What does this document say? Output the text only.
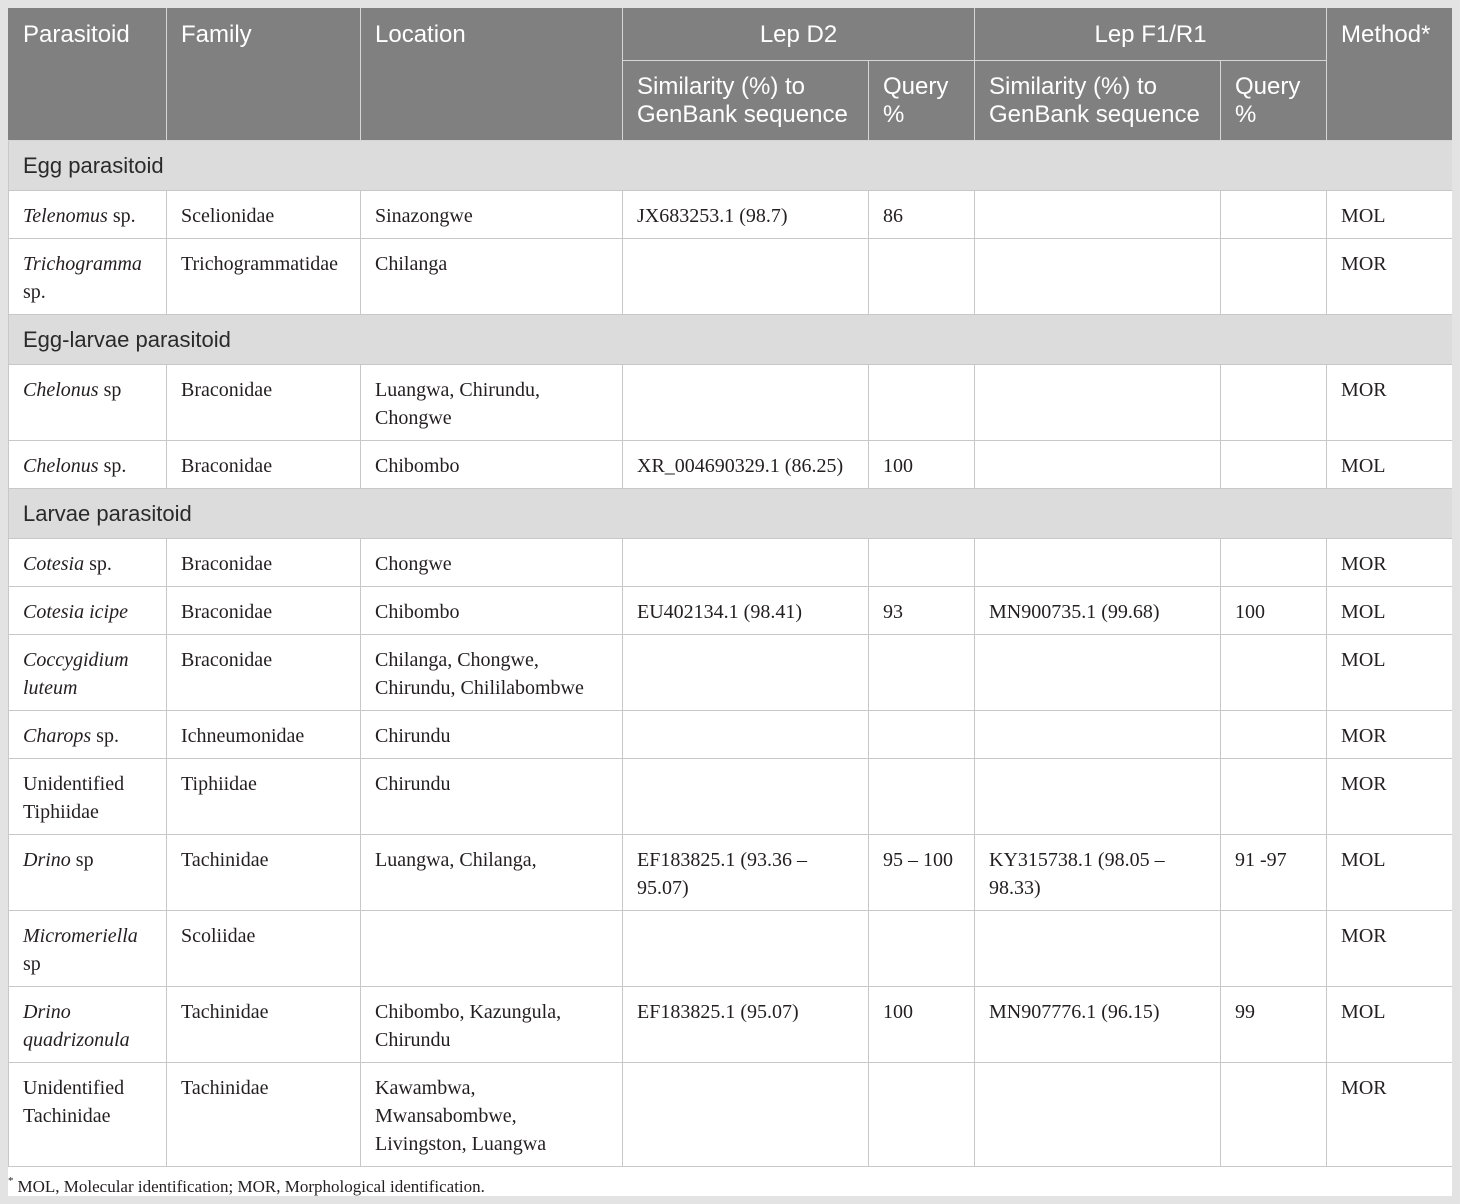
Parasitoid	Family	Location	Lep D2		Lep F1/R1		Method*
			Similarity (%) to GenBank sequence	Query %	Similarity (%) to GenBank sequence	Query %	
Egg parasitoid							
Telenomus sp.	Scelionidae	Sinazongwe	JX683253.1 (98.7)	86			MOL
Trichogramma sp.	Trichogrammatidae	Chilanga					MOR
Egg-larvae parasitoid							
Chelonus sp	Braconidae	Luangwa, Chirundu, Chongwe					MOR
Chelonus sp.	Braconidae	Chibombo	XR_004690329.1 (86.25)	100			MOL
Larvae parasitoid							
Cotesia sp.	Braconidae	Chongwe					MOR
Cotesia icipe	Braconidae	Chibombo	EU402134.1 (98.41)	93	MN900735.1 (99.68)	100	MOL
Coccygidium luteum	Braconidae	Chilanga, Chongwe, Chirundu, Chililabombwe					MOL
Charops sp.	Ichneumonidae	Chirundu					MOR
Unidentified Tiphiidae	Tiphiidae	Chirundu					MOR
Drino sp	Tachinidae	Luangwa, Chilanga,	EF183825.1 (93.36 – 95.07)	95 – 100	KY315738.1 (98.05 – 98.33)	91 -97	MOL
Micromeriella sp	Scoliidae						MOR
Drino quadrizonula	Tachinidae	Chibombo, Kazungula, Chirundu	EF183825.1 (95.07)	100	MN907776.1 (96.15)	99	MOL
Unidentified Tachinidae	Tachinidae	Kawambwa, Mwansabombwe, Livingston, Luangwa					MOR
* MOL, Molecular identification; MOR, Morphological identification.
